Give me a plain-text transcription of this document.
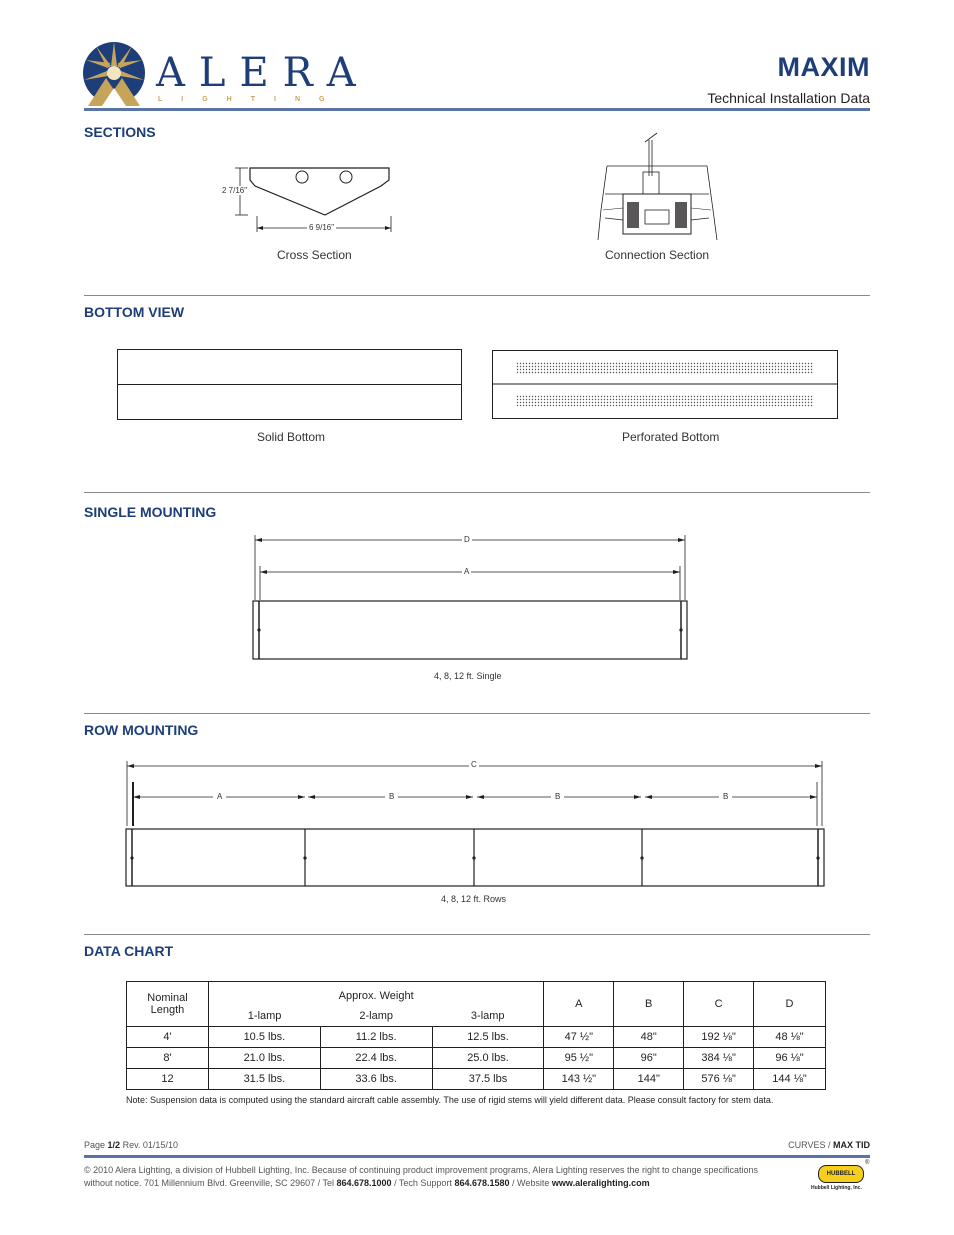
ALERA
LIGHTING
MAXIM
Technical Installation Data
SECTIONS
2 7/16"
6 9/16"
Cross Section	Connection Section
BOTTOM VIEW
Solid Bottom	Perforated Bottom
SINGLE MOUNTING
D
A
4, 8, 12 ft. Single
ROW MOUNTING
C
A	B	B	B
4, 8, 12 ft. Rows
DATA CHART
Nominal Length	Approx. Weight			A	B	C	D
	1-lamp	2-lamp	3-lamp				
4'	10.5 lbs.	11.2 lbs.	12.5 lbs.	47 ½"	48"	192 ⅛"	48 ⅛"
8'	21.0 lbs.	22.4 lbs.	25.0 lbs.	95 ½"	96"	384 ⅛"	96 ⅛"
12	31.5 lbs.	33.6 lbs.	37.5 lbs	143 ½"	144"	576 ⅛"	144 ⅛"
Note: Suspension data is computed using the standard aircraft cable assembly. The use of rigid stems will yield different data. Please consult factory for stem data.
Page 1/2 Rev. 01/15/10	CURVES / MAX TID
© 2010 Alera Lighting, a division of Hubbell Lighting, Inc. Because of continuing product improvement programs, Alera Lighting reserves the right to change specifications
without notice. 701 Millennium Blvd. Greenville, SC 29607 / Tel 864.678.1000 / Tech Support 864.678.1580 / Website www.aleralighting.com
HUBBELL
®
Hubbell Lighting, Inc.
